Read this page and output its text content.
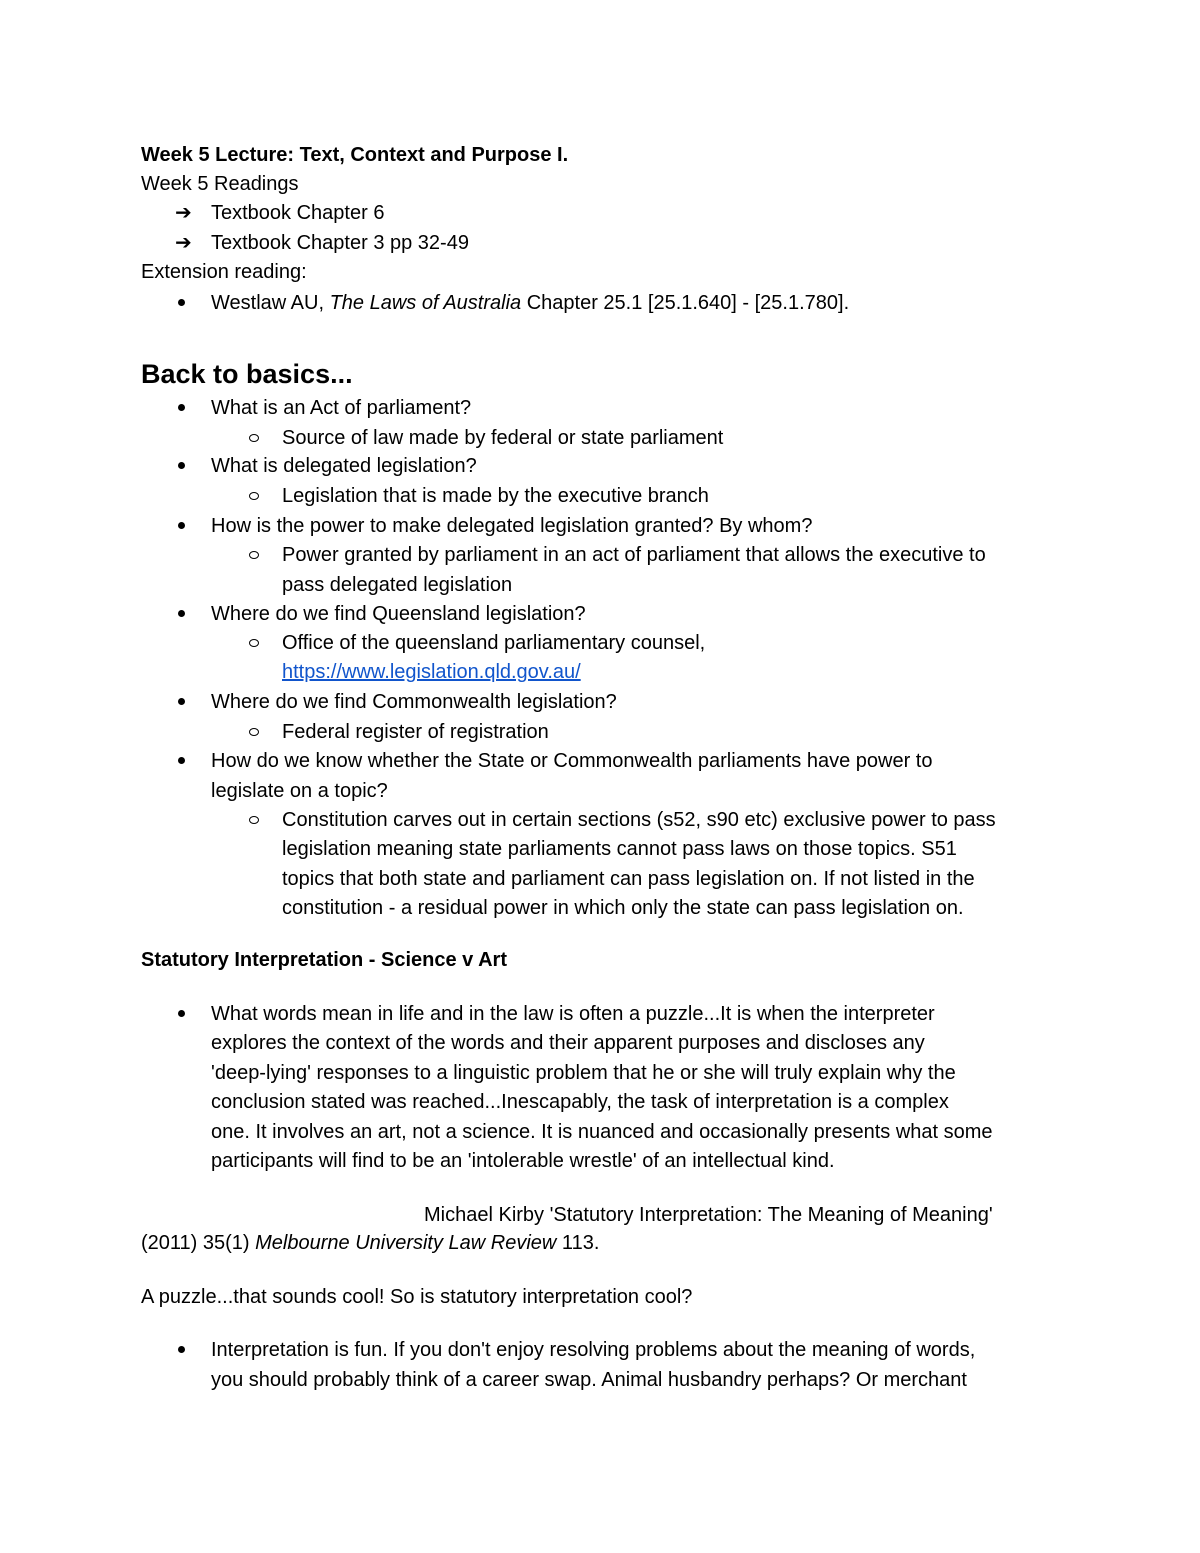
Week 5 Lecture: Text, Context and Purpose I.
Week 5 Readings
➔ Textbook Chapter 6
➔ Textbook Chapter 3 pp 32-49
Extension reading:
Westlaw AU, The Laws of Australia Chapter 25.1 [25.1.640] - [25.1.780].
Back to basics...
What is an Act of parliament?
Source of law made by federal or state parliament
What is delegated legislation?
Legislation that is made by the executive branch
How is the power to make delegated legislation granted? By whom?
Power granted by parliament in an act of parliament that allows the executive to
pass delegated legislation
Where do we find Queensland legislation?
Office of the queensland parliamentary counsel,
https://www.legislation.qld.gov.au/
Where do we find Commonwealth legislation?
Federal register of registration
How do we know whether the State or Commonwealth parliaments have power to
legislate on a topic?
Constitution carves out in certain sections (s52, s90 etc) exclusive power to pass
legislation meaning state parliaments cannot pass laws on those topics. S51
topics that both state and parliament can pass legislation on. If not listed in the
constitution - a residual power in which only the state can pass legislation on.
Statutory Interpretation - Science v Art
What words mean in life and in the law is often a puzzle...It is when the interpreter
explores the context of the words and their apparent purposes and discloses any
'deep-lying' responses to a linguistic problem that he or she will truly explain why the
conclusion stated was reached...Inescapably, the task of interpretation is a complex
one. It involves an art, not a science. It is nuanced and occasionally presents what some
participants will find to be an 'intolerable wrestle' of an intellectual kind.
Michael Kirby 'Statutory Interpretation: The Meaning of Meaning'
(2011) 35(1) Melbourne University Law Review 113.
A puzzle...that sounds cool! So is statutory interpretation cool?
Interpretation is fun. If you don't enjoy resolving problems about the meaning of words,
you should probably think of a career swap. Animal husbandry perhaps? Or merchant
